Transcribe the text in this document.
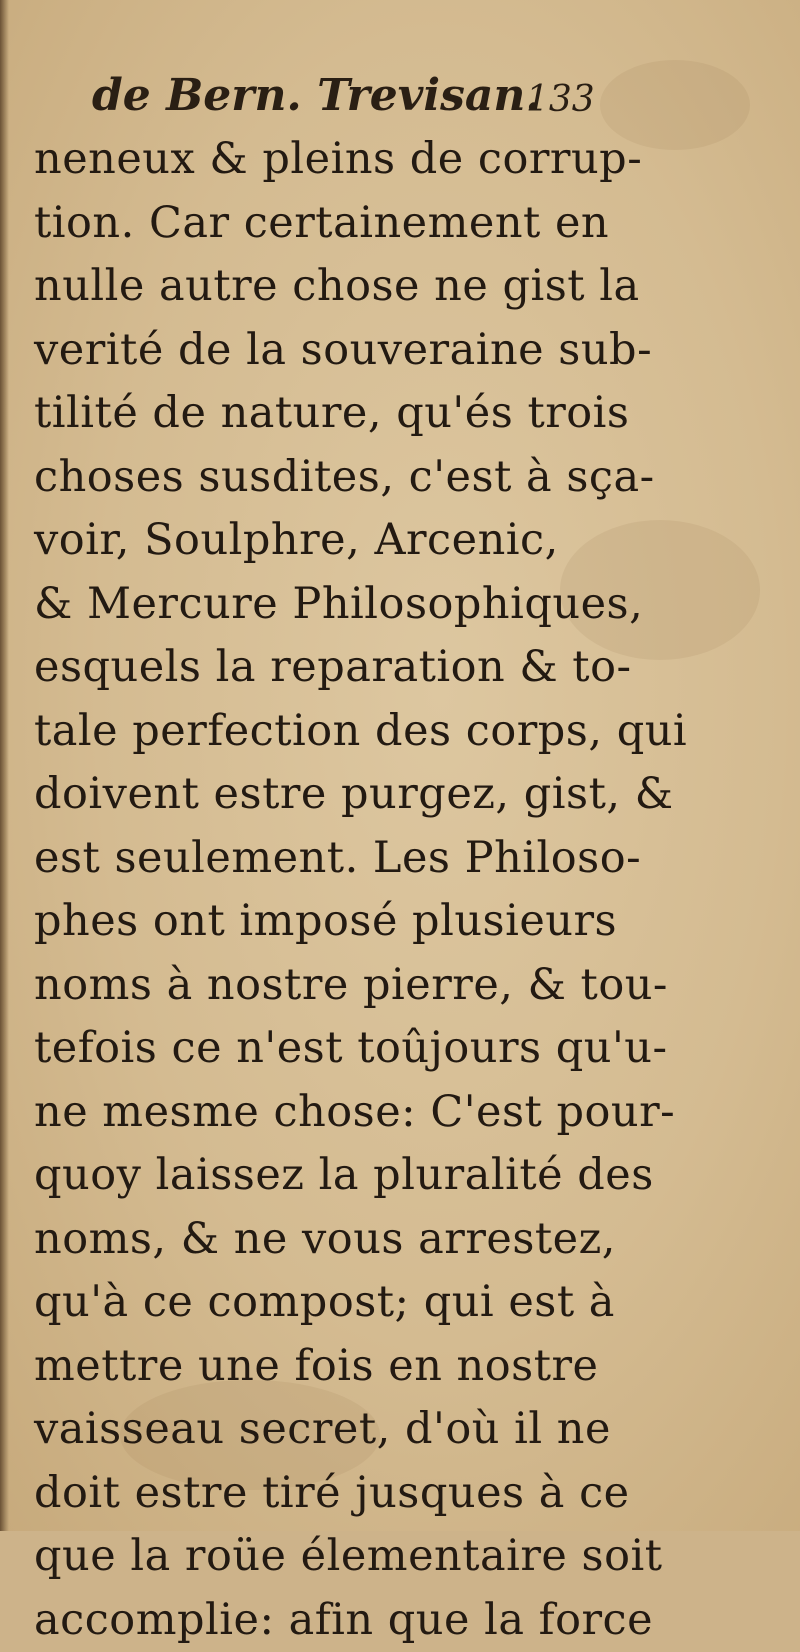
de Bern. Trevisan.
133
neneux & pleins de corrup-
tion. Car certainement en
nulle autre chose ne gist la
verité de la souveraine sub-
tilité de nature, qu'és trois
choses susdites, c'est à sça-
voir, Soulphre, Arcenic,
& Mercure Philosophiques,
esquels la reparation & to-
tale perfection des corps, qui
doivent estre purgez, gist, &
est seulement. Les Philoso-
phes ont imposé plusieurs
noms à nostre pierre, & tou-
tefois ce n'est toûjours qu'u-
ne mesme chose: C'est pour-
quoy laissez la pluralité des
noms, & ne vous arrestez,
qu'à ce compost; qui est à
mettre une fois en nostre
vaisseau secret, d'où il ne
doit estre tiré jusques à ce
que la roüe élementaire soit
accomplie: afin que la force
